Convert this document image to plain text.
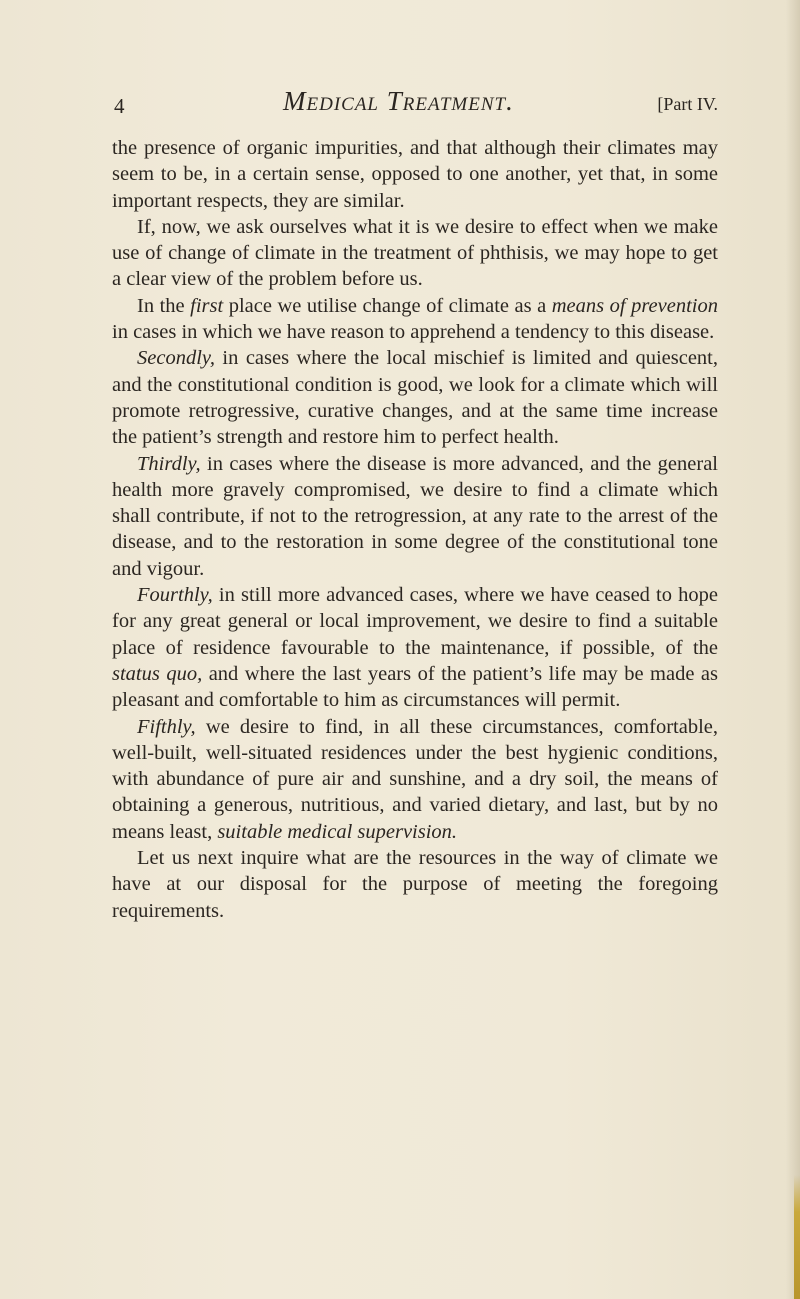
4	Medical Treatment.	[Part IV.

the presence of organic impurities, and that although their climates may seem to be, in a certain sense, opposed to one another, yet that, in some important respects, they are similar.

If, now, we ask ourselves what it is we desire to effect when we make use of change of climate in the treatment of phthisis, we may hope to get a clear view of the problem before us.

In the first place we utilise change of climate as a means of prevention in cases in which we have reason to apprehend a tendency to this disease.

Secondly, in cases where the local mischief is limited and quiescent, and the constitutional condition is good, we look for a climate which will promote retrogressive, curative changes, and at the same time increase the patient’s strength and restore him to perfect health.

Thirdly, in cases where the disease is more advanced, and the general health more gravely compromised, we desire to find a climate which shall contribute, if not to the retrogression, at any rate to the arrest of the disease, and to the restoration in some degree of the constitutional tone and vigour.

Fourthly, in still more advanced cases, where we have ceased to hope for any great general or local improvement, we desire to find a suitable place of residence favourable to the maintenance, if possible, of the status quo, and where the last years of the patient’s life may be made as pleasant and comfortable to him as circumstances will permit.

Fifthly, we desire to find, in all these circumstances, comfortable, well-built, well-situated residences under the best hygienic conditions, with abundance of pure air and sunshine, and a dry soil, the means of obtaining a generous, nutritious, and varied dietary, and last, but by no means least, suitable medical supervision.

Let us next inquire what are the resources in the way of climate we have at our disposal for the purpose of meeting the foregoing requirements.
